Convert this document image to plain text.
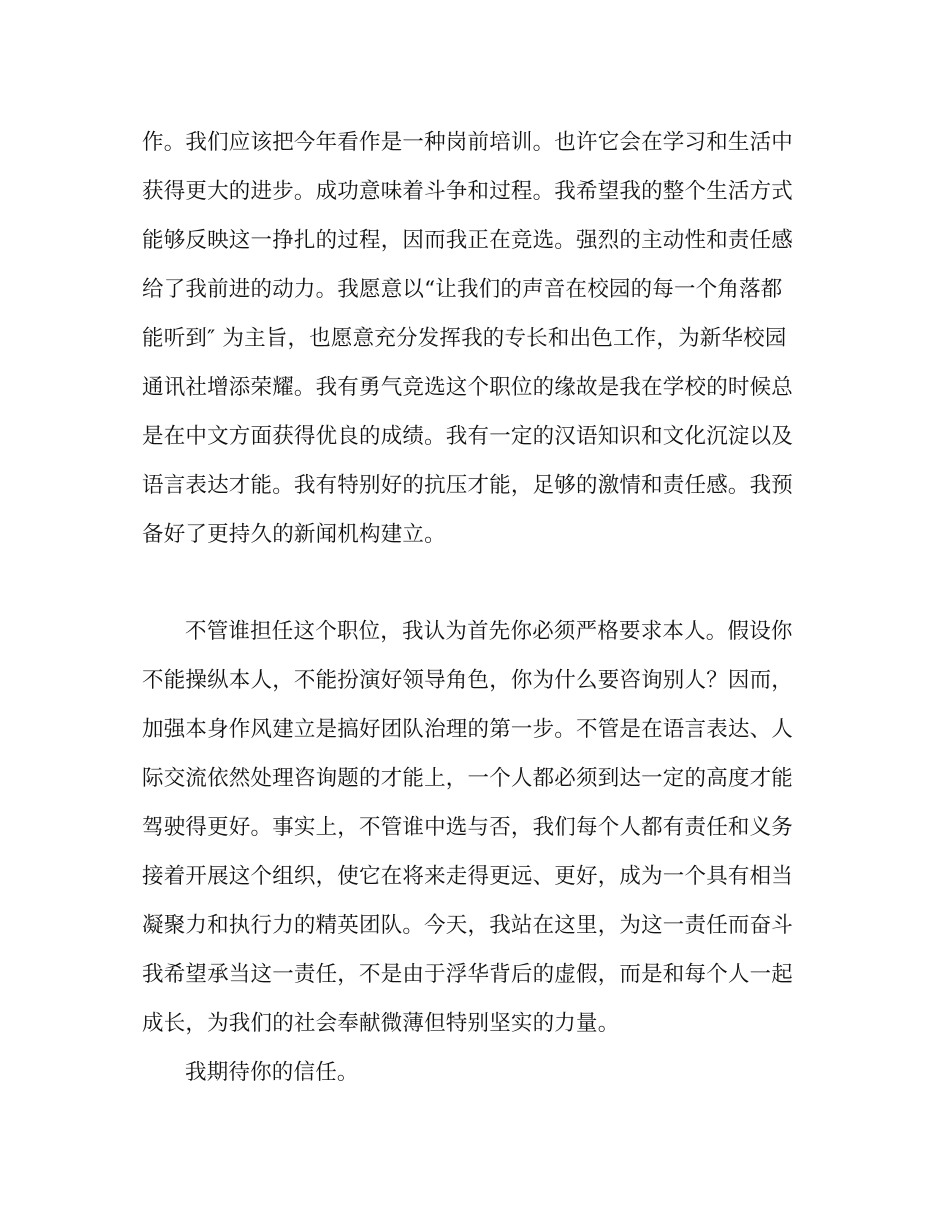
作。我们应该把今年看作是一种岗前培训。也许它会在学习和生活中
获得更大的进步。成功意味着斗争和过程。我希望我的整个生活方式
能够反映这一挣扎的过程，因而我正在竞选。强烈的主动性和责任感
给了我前进的动力。我愿意以“让我们的声音在校园的每一个角落都
能听到″ 为主旨，也愿意充分发挥我的专长和出色工作，为新华校园
通讯社增添荣耀。我有勇气竞选这个职位的缘故是我在学校的时候总
是在中文方面获得优良的成绩。我有一定的汉语知识和文化沉淀以及
语言表达才能。我有特别好的抗压才能，足够的激情和责任感。我预
备好了更持久的新闻机构建立。
不管谁担任这个职位，我认为首先你必须严格要求本人。假设你
不能操纵本人，不能扮演好领导角色，你为什么要咨询别人？因而，
加强本身作风建立是搞好团队治理的第一步。不管是在语言表达、人
际交流依然处理咨询题的才能上，一个人都必须到达一定的高度才能
驾驶得更好。事实上，不管谁中选与否，我们每个人都有责任和义务
接着开展这个组织，使它在将来走得更远、更好，成为一个具有相当
凝聚力和执行力的精英团队。今天，我站在这里，为这一责任而奋斗
我希望承当这一责任，不是由于浮华背后的虚假，而是和每个人一起
成长，为我们的社会奉献微薄但特别坚实的力量。
我期待你的信任。
